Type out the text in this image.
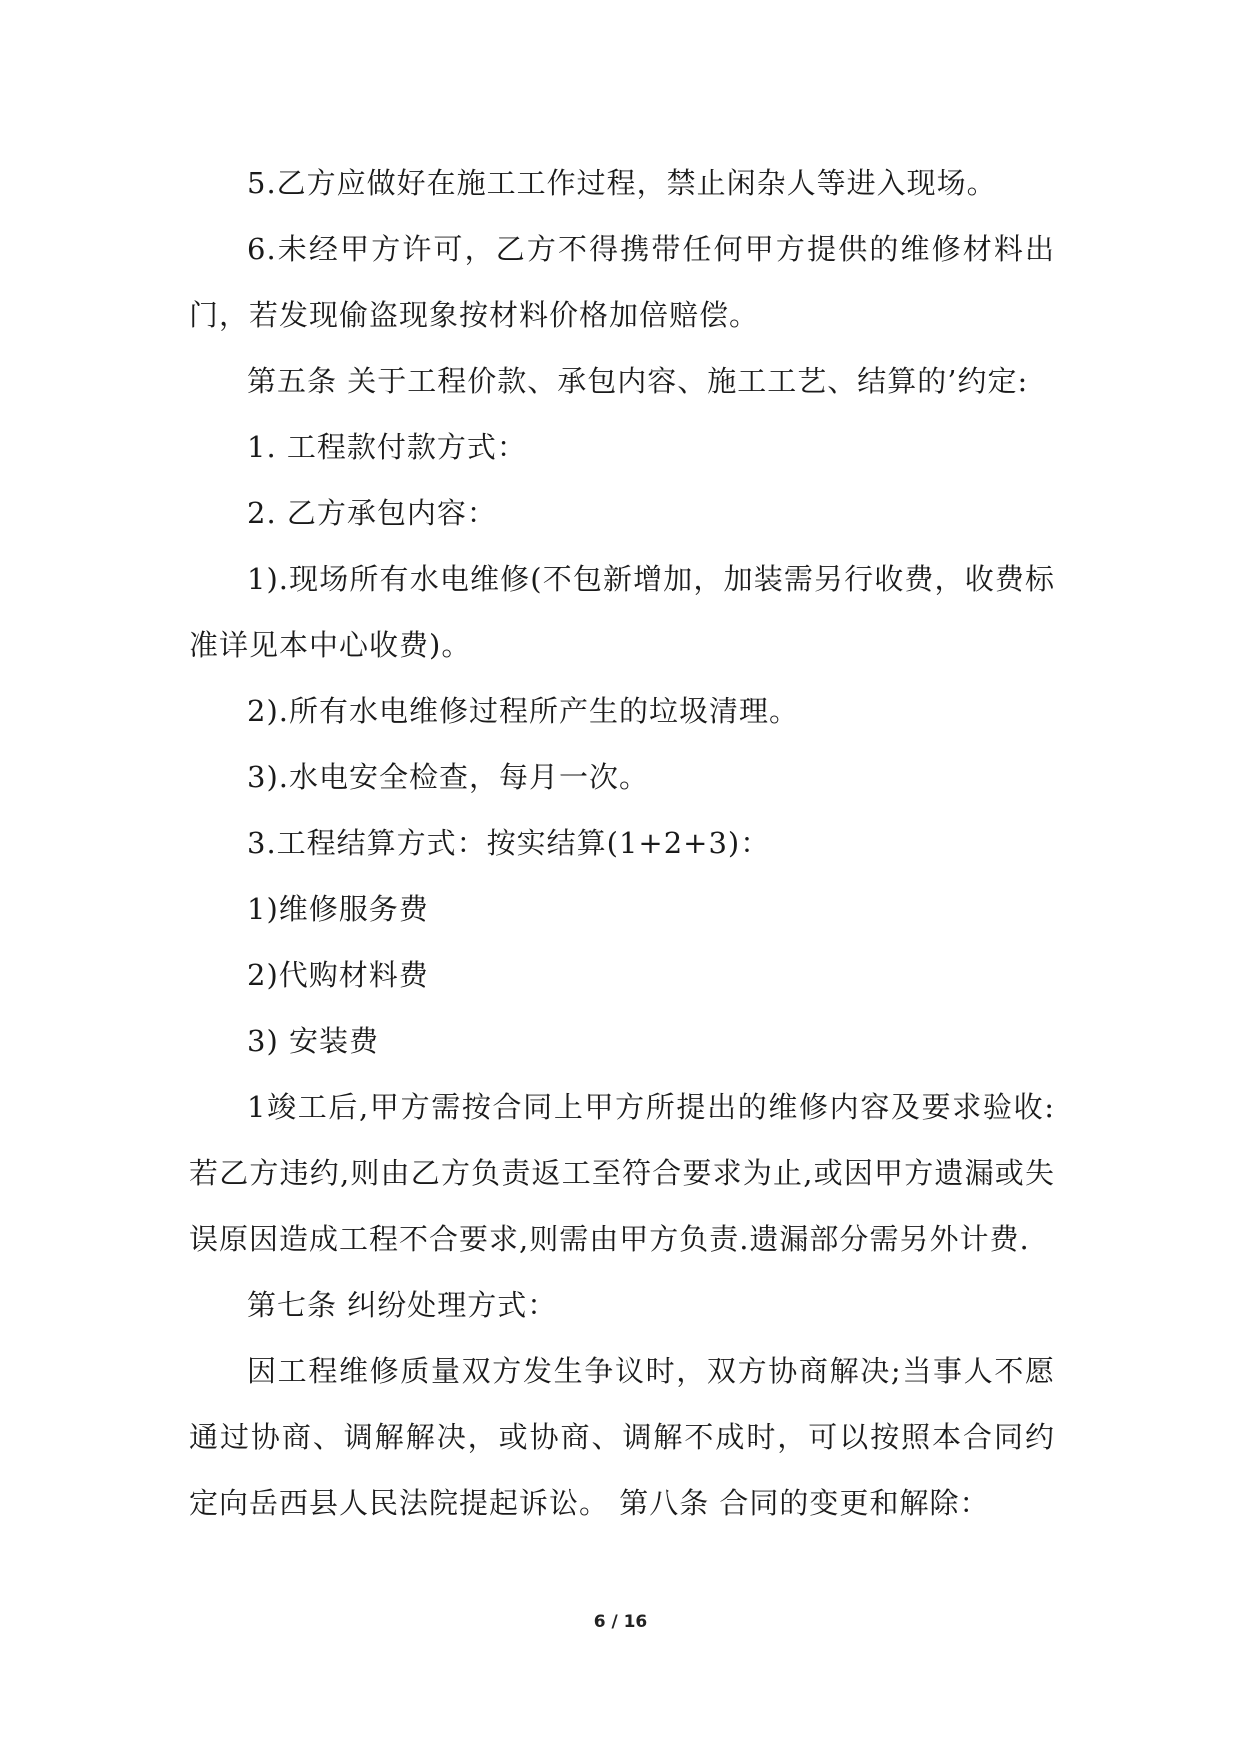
5.乙方应做好在施工工作过程，禁止闲杂人等进入现场。

6.未经甲方许可，乙方不得携带任何甲方提供的维修材料出门，若发现偷盗现象按材料价格加倍赔偿。

第五条 关于工程价款、承包内容、施工工艺、结算的’约定:

1. 工程款付款方式：

2. 乙方承包内容：

1).现场所有水电维修(不包新增加，加装需另行收费，收费标准详见本中心收费)。

2).所有水电维修过程所产生的垃圾清理。

3).水电安全检查，每月一次。

3.工程结算方式：按实结算(1+2+3)：

1)维修服务费

2)代购材料费

3) 安装费

1竣工后,甲方需按合同上甲方所提出的维修内容及要求验收:若乙方违约,则由乙方负责返工至符合要求为止,或因甲方遗漏或失误原因造成工程不合要求,则需由甲方负责.遗漏部分需另外计费.

第七条 纠纷处理方式：

因工程维修质量双方发生争议时，双方协商解决;当事人不愿通过协商、调解解决，或协商、调解不成时，可以按照本合同约定向岳西县人民法院提起诉讼。 第八条 合同的变更和解除：

6 / 16
